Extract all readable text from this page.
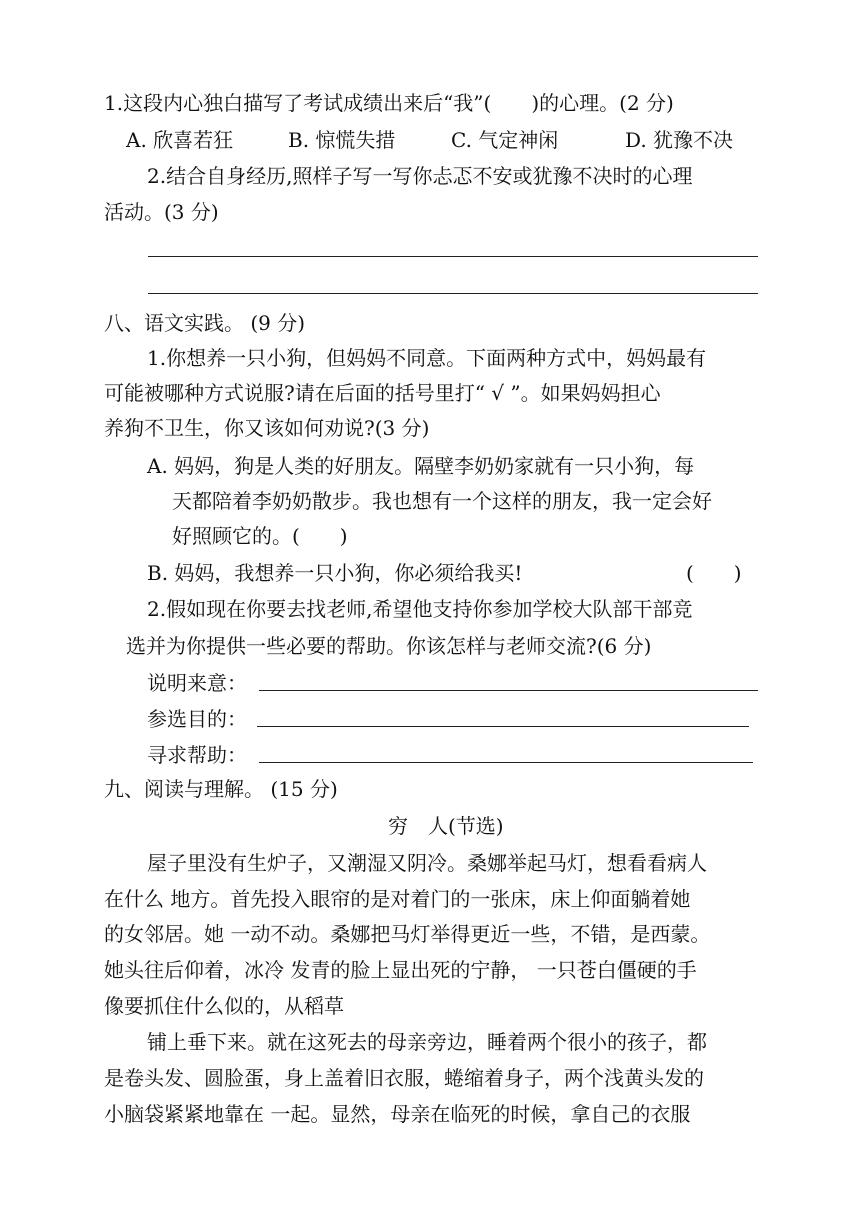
1.这段内心独白描写了考试成绩出来后“我”(　　)的心理。(2 分)
A. 欣喜若狂	B. 惊慌失措	C. 气定神闲	D. 犹豫不决
2.结合自身经历,照样子写一写你忐忑不安或犹豫不决时的心理
活动。(3 分)
八、语文实践。 (9 分)
1.你想养一只小狗，但妈妈不同意。下面两种方式中，妈妈最有
可能被哪种方式说服?请在后面的括号里打“ √ ”。如果妈妈担心
养狗不卫生，你又该如何劝说?(3 分)
A. 妈妈，狗是人类的好朋友。隔壁李奶奶家就有一只小狗，每
天都陪着李奶奶散步。我也想有一个这样的朋友，我一定会好
好照顾它的。(　　)
B. 妈妈，我想养一只小狗，你必须给我买!	(　　)
2.假如现在你要去找老师,希望他支持你参加学校大队部干部竞
选并为你提供一些必要的帮助。你该怎样与老师交流?(6 分)
说明来意：
参选目的：
寻求帮助：
九、阅读与理解。 (15 分)
穷　人(节选)
屋子里没有生炉子，又潮湿又阴冷。桑娜举起马灯，想看看病人
在什么 地方。首先投入眼帘的是对着门的一张床，床上仰面躺着她
的女邻居。她 一动不动。桑娜把马灯举得更近一些，不错，是西蒙。
她头往后仰着，冰冷 发青的脸上显出死的宁静， 一只苍白僵硬的手
像要抓住什么似的，从稻草
铺上垂下来。就在这死去的母亲旁边，睡着两个很小的孩子，都
是卷头发、圆脸蛋，身上盖着旧衣服，蜷缩着身子，两个浅黄头发的
小脑袋紧紧地靠在 一起。显然，母亲在临死的时候，拿自己的衣服
